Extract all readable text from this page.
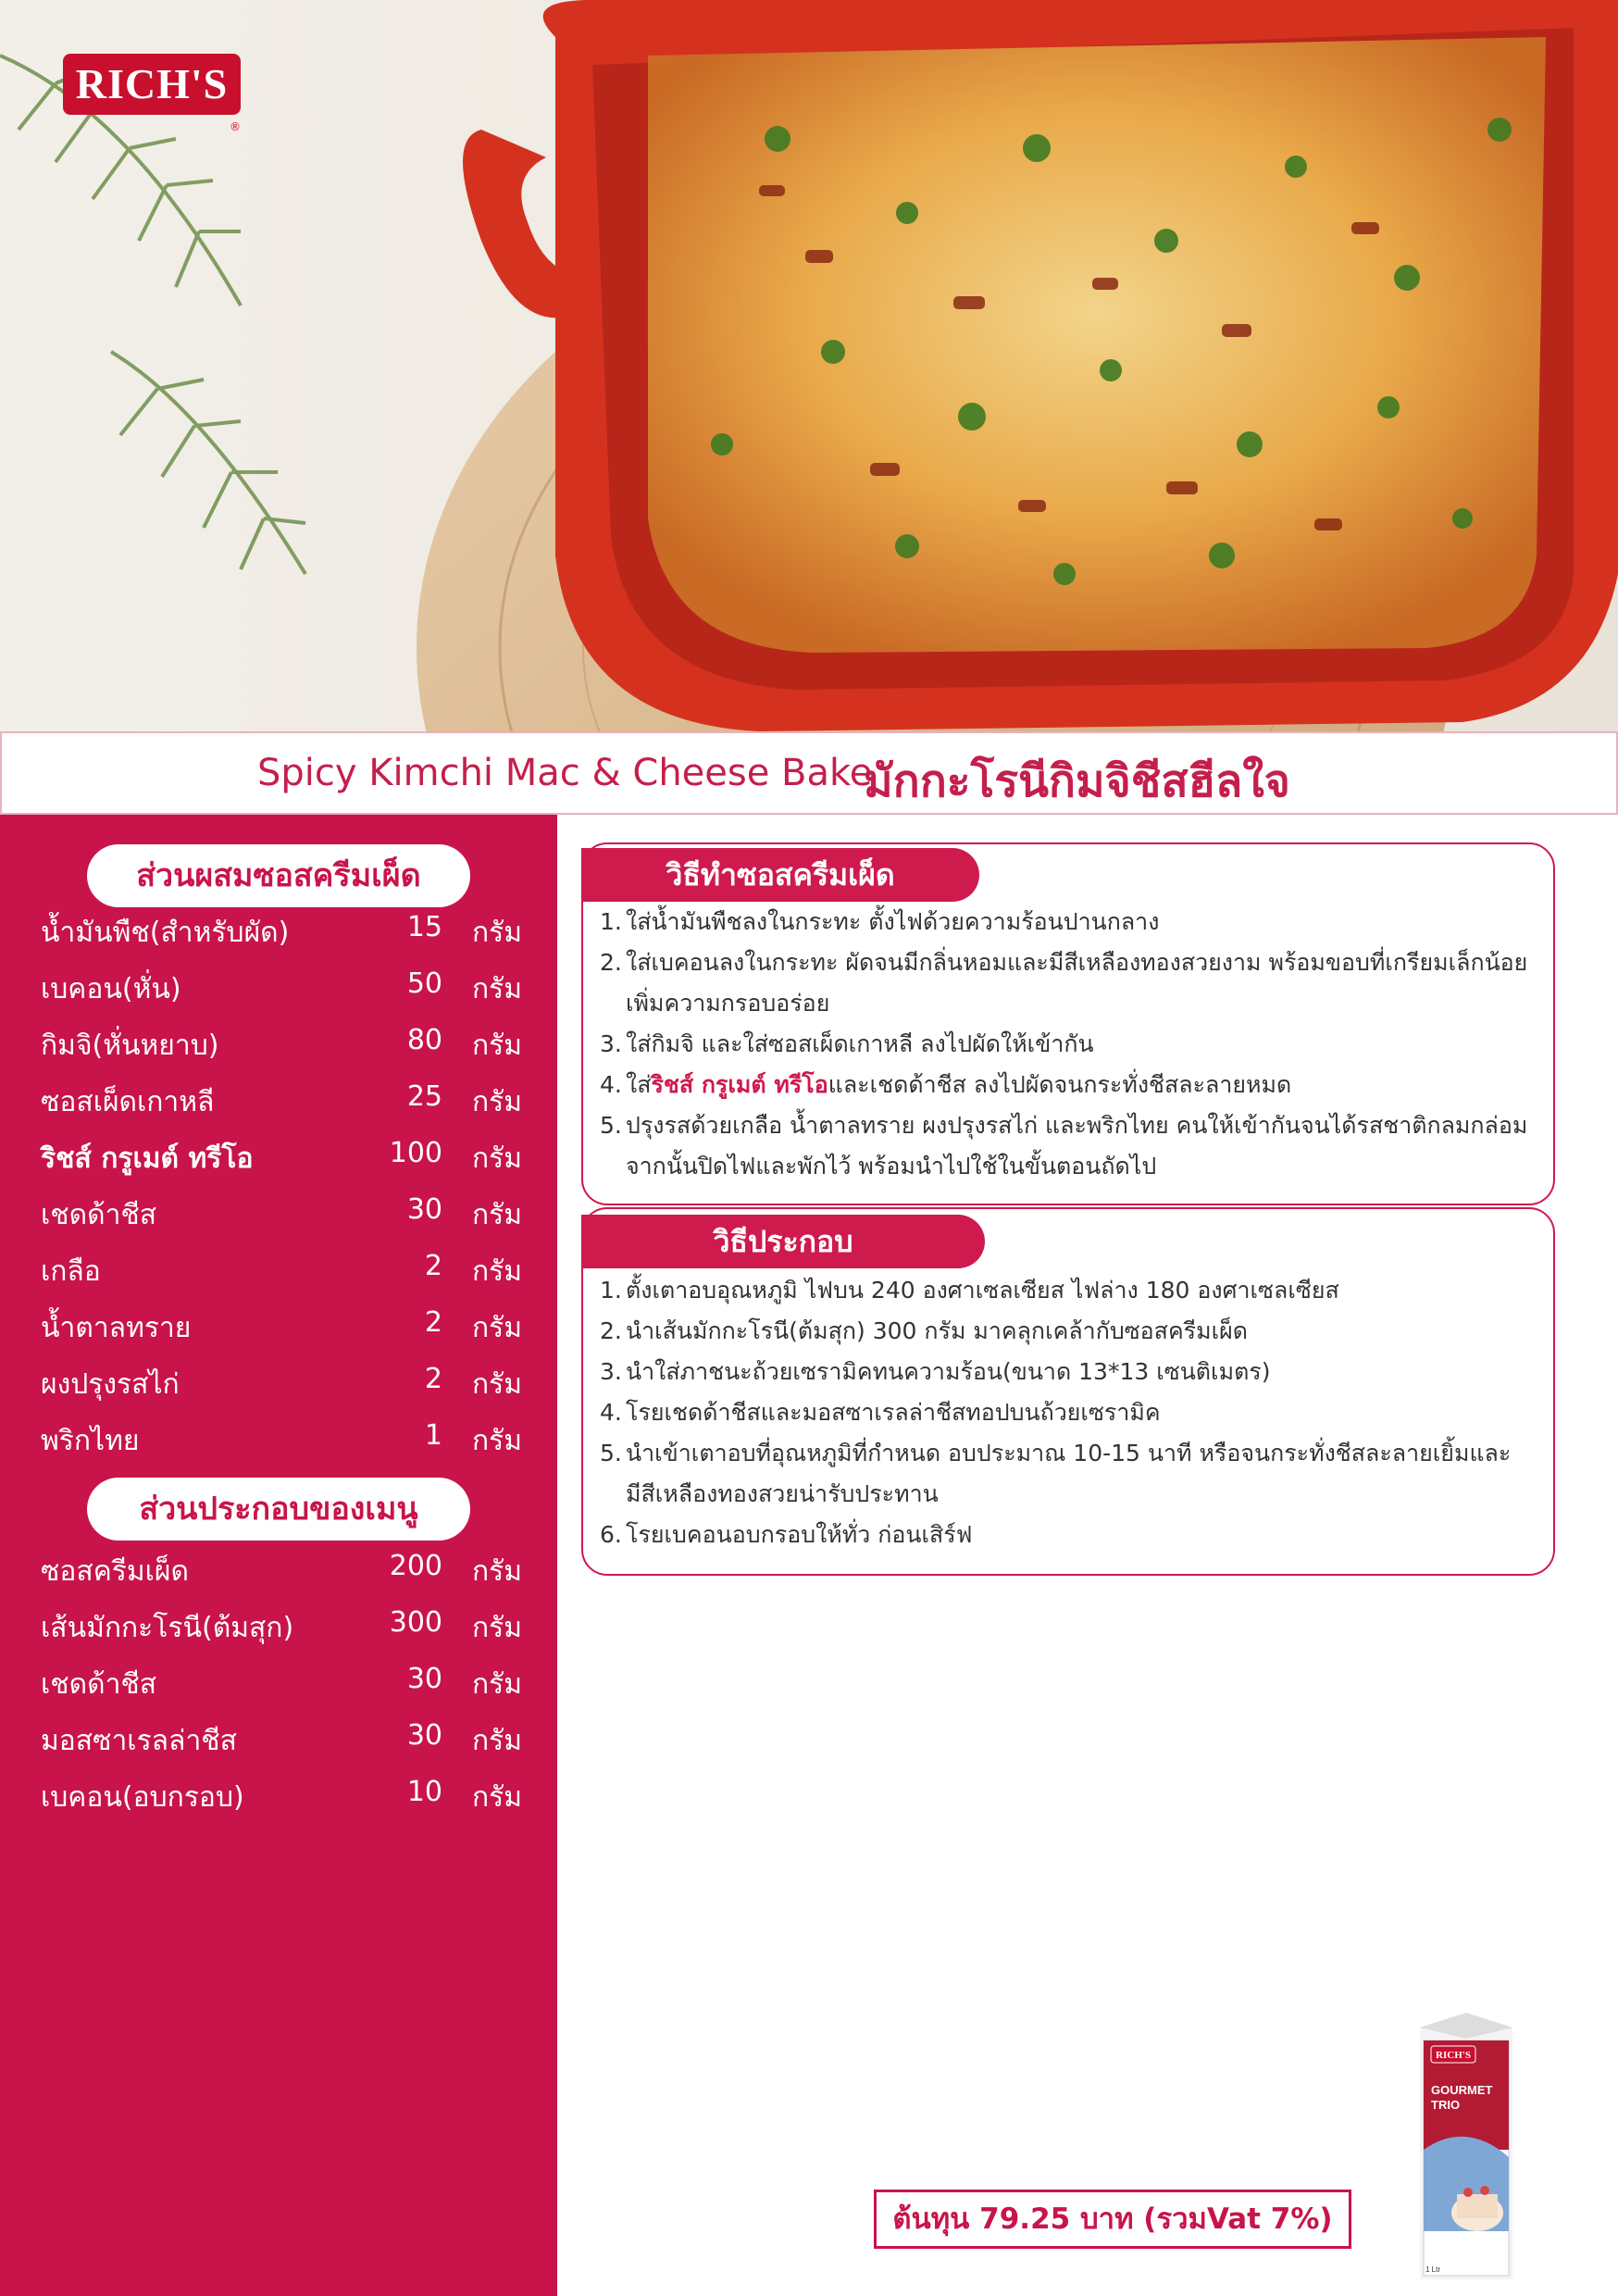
RICH'S
®
Spicy Kimchi Mac & Cheese Bake
มักกะโรนีกิมจิชีสฮีลใจ
ส่วนผสมซอสครีมเผ็ด
น้ำมันพืช(สำหรับผัด)	15 กรัม
เบคอน(หั่น)	50 กรัม
กิมจิ(หั่นหยาบ)	80 กรัม
ซอสเผ็ดเกาหลี	25 กรัม
ริชส์ กรูเมต์ ทรีโอ	100 กรัม
เชดด้าชีส	30 กรัม
เกลือ	2 กรัม
น้ำตาลทราย	2 กรัม
ผงปรุงรสไก่	2 กรัม
พริกไทย	1 กรัม
ส่วนประกอบของเมนู
ซอสครีมเผ็ด	200 กรัม
เส้นมักกะโรนี(ต้มสุก)	300 กรัม
เชดด้าชีส	30 กรัม
มอสซาเรลล่าชีส	30 กรัม
เบคอน(อบกรอบ)	10 กรัม
วิธีทำซอสครีมเผ็ด
1. ใส่น้ำมันพืชลงในกระทะ ตั้งไฟด้วยความร้อนปานกลาง
2. ใส่เบคอนลงในกระทะ ผัดจนมีกลิ่นหอมและมีสีเหลืองทองสวยงาม พร้อมขอบที่เกรียมเล็กน้อย
เพิ่มความกรอบอร่อย
3. ใส่กิมจิ และใส่ซอสเผ็ดเกาหลี ลงไปผัดให้เข้ากัน
4. ใส่ริชส์ กรูเมต์ ทรีโอและเชดด้าชีส ลงไปผัดจนกระทั่งชีสละลายหมด
5. ปรุงรสด้วยเกลือ น้ำตาลทราย ผงปรุงรสไก่ และพริกไทย คนให้เข้ากันจนได้รสชาติกลมกล่อม
จากนั้นปิดไฟและพักไว้ พร้อมนำไปใช้ในขั้นตอนถัดไป
วิธีประกอบ
1. ตั้งเตาอบอุณหภูมิ ไฟบน 240 องศาเซลเซียส ไฟล่าง 180 องศาเซลเซียส
2. นำเส้นมักกะโรนี(ต้มสุก) 300 กรัม มาคลุกเคล้ากับซอสครีมเผ็ด
3. นำใส่ภาชนะถ้วยเซรามิคทนความร้อน(ขนาด 13*13 เซนติเมตร)
4. โรยเชดด้าชีสและมอสซาเรลล่าชีสทอปบนถ้วยเซรามิค
5. นำเข้าเตาอบที่อุณหภูมิที่กำหนด อบประมาณ 10-15 นาที หรือจนกระทั่งชีสละลายเยิ้มและ
มีสีเหลืองทองสวยน่ารับประทาน
6. โรยเบคอนอบกรอบให้ทั่ว ก่อนเสิร์ฟ
ต้นทุน 79.25 บาท (รวมVat 7%)
RICH'S
GOURMET
TRIO
1 Ltr
